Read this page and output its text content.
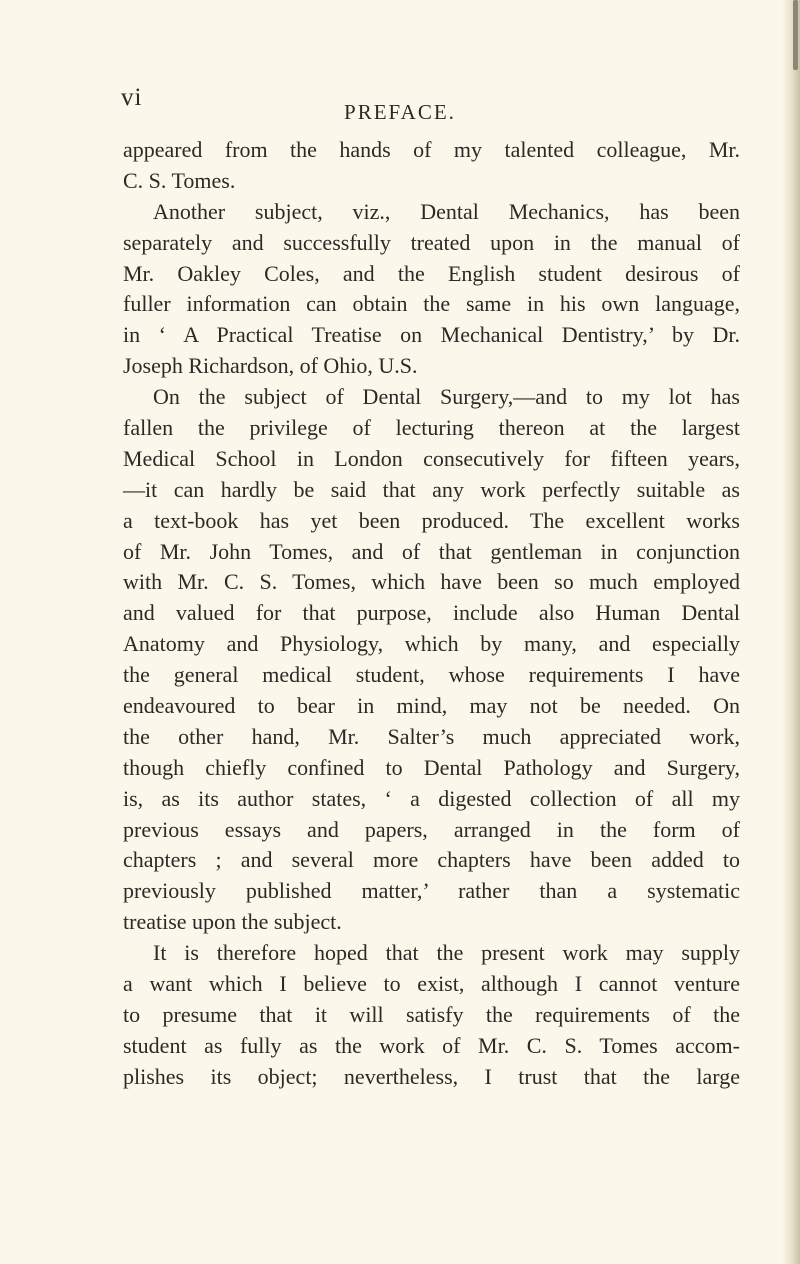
vi
PREFACE.
appeared from the hands of my talented colleague, Mr.
C. S. Tomes.
Another subject, viz., Dental Mechanics, has been
separately and successfully treated upon in the manual of
Mr. Oakley Coles, and the English student desirous of
fuller information can obtain the same in his own language,
in ‘ A Practical Treatise on Mechanical Dentistry,’ by Dr.
Joseph Richardson, of Ohio, U.S.
On the subject of Dental Surgery,—and to my lot has
fallen the privilege of lecturing thereon at the largest
Medical School in London consecutively for fifteen years,
—it can hardly be said that any work perfectly suitable as
a text-book has yet been produced. The excellent works
of Mr. John Tomes, and of that gentleman in conjunction
with Mr. C. S. Tomes, which have been so much employed
and valued for that purpose, include also Human Dental
Anatomy and Physiology, which by many, and especially
the general medical student, whose requirements I have
endeavoured to bear in mind, may not be needed. On
the other hand, Mr. Salter’s much appreciated work,
though chiefly confined to Dental Pathology and Surgery,
is, as its author states, ‘ a digested collection of all my
previous essays and papers, arranged in the form of
chapters ; and several more chapters have been added to
previously published matter,’ rather than a systematic
treatise upon the subject.
It is therefore hoped that the present work may supply
a want which I believe to exist, although I cannot venture
to presume that it will satisfy the requirements of the
student as fully as the work of Mr. C. S. Tomes accom-
plishes its object; nevertheless, I trust that the large
